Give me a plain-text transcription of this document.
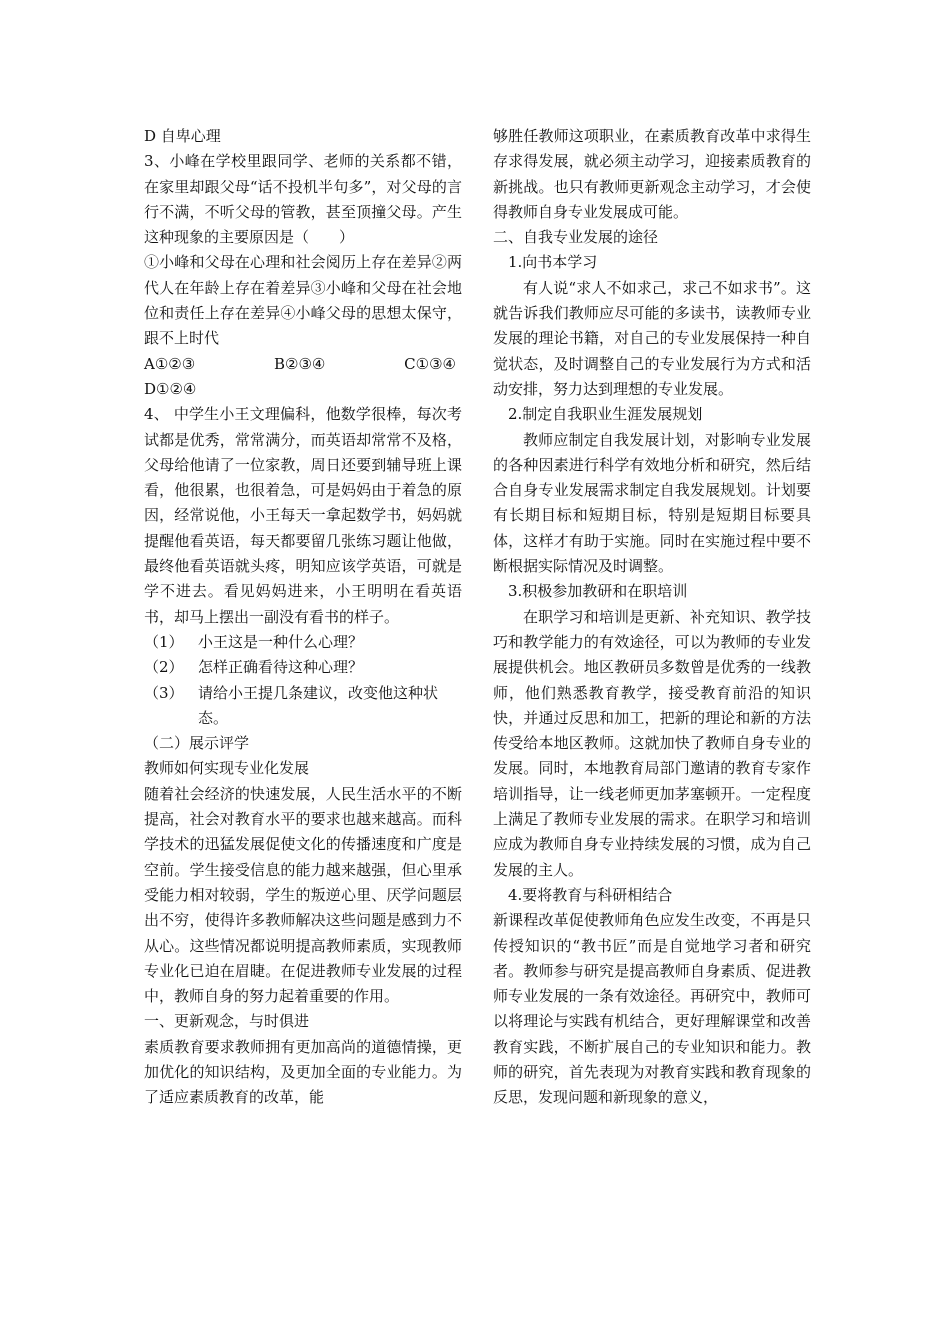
D 自卑心理

3、小峰在学校里跟同学、老师的关系都不错，在家里却跟父母“话不投机半句多”，对父母的言行不满，不听父母的管教，甚至顶撞父母。产生这种现象的主要原因是（　　）

①小峰和父母在心理和社会阅历上存在差异②两代人在年龄上存在着差异③小峰和父母在社会地位和责任上存在差异④小峰父母的思想太保守，跟不上时代

A①②③	B②③④	C①③④

D①②④

4、 中学生小王文理偏科，他数学很棒，每次考试都是优秀，常常满分，而英语却常常不及格，父母给他请了一位家教，周日还要到辅导班上课看，他很累，也很着急，可是妈妈由于着急的原因，经常说他，小王每天一拿起数学书，妈妈就提醒他看英语，每天都要留几张练习题让他做，最终他看英语就头疼，明知应该学英语，可就是学不进去。看见妈妈进来，小王明明在看英语书，却马上摆出一副没有看书的样子。

（1） 小王这是一种什么心理？
（2） 怎样正确看待这种心理？
（3） 请给小王提几条建议，改变他这种状态。

（二）展示评学

教师如何实现专业化发展

随着社会经济的快速发展，人民生活水平的不断提高，社会对教育水平的要求也越来越高。而科学技术的迅猛发展促使文化的传播速度和广度是空前。学生接受信息的能力越来越强，但心里承受能力相对较弱，学生的叛逆心里、厌学问题层出不穷，使得许多教师解决这些问题是感到力不从心。这些情况都说明提高教师素质，实现教师专业化已迫在眉睫。在促进教师专业发展的过程中，教师自身的努力起着重要的作用。

一、更新观念，与时俱进

素质教育要求教师拥有更加高尚的道德情操，更加优化的知识结构，及更加全面的专业能力。为了适应素质教育的改革，能

够胜任教师这项职业，在素质教育改革中求得生存求得发展，就必须主动学习，迎接素质教育的新挑战。也只有教师更新观念主动学习，才会使得教师自身专业发展成可能。

二、自我专业发展的途径

1.向书本学习

有人说“求人不如求己，求己不如求书”。这就告诉我们教师应尽可能的多读书，读教师专业发展的理论书籍，对自己的专业发展保持一种自觉状态，及时调整自己的专业发展行为方式和活动安排，努力达到理想的专业发展。

2.制定自我职业生涯发展规划

教师应制定自我发展计划，对影响专业发展的各种因素进行科学有效地分析和研究，然后结合自身专业发展需求制定自我发展规划。计划要有长期目标和短期目标，特别是短期目标要具体，这样才有助于实施。同时在实施过程中要不断根据实际情况及时调整。

3.积极参加教研和在职培训

在职学习和培训是更新、补充知识、教学技巧和教学能力的有效途径，可以为教师的专业发展提供机会。地区教研员多数曾是优秀的一线教师，他们熟悉教育教学，接受教育前沿的知识快，并通过反思和加工，把新的理论和新的方法传受给本地区教师。这就加快了教师自身专业的发展。同时，本地教育局部门邀请的教育专家作培训指导，让一线老师更加茅塞顿开。一定程度上满足了教师专业发展的需求。在职学习和培训应成为教师自身专业持续发展的习惯，成为自己发展的主人。

4.要将教育与科研相结合

新课程改革促使教师角色应发生改变，不再是只传授知识的“教书匠”而是自觉地学习者和研究者。教师参与研究是提高教师自身素质、促进教师专业发展的一条有效途径。再研究中，教师可以将理论与实践有机结合，更好理解课堂和改善教育实践，不断扩展自己的专业知识和能力。教师的研究，首先表现为对教育实践和教育现象的反思，发现问题和新现象的意义，
